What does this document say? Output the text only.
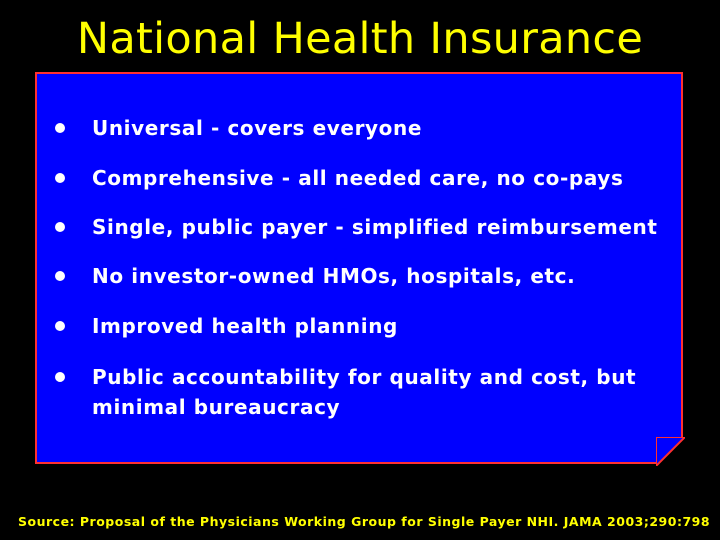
National Health Insurance
Universal - covers everyone
Comprehensive - all needed care, no co-pays
Single, public payer - simplified reimbursement
No investor-owned HMOs, hospitals, etc.
Improved health planning
Public accountability for quality and cost, but minimal bureaucracy
Source: Proposal of the Physicians Working Group for Single Payer NHI. JAMA 2003;290:798
